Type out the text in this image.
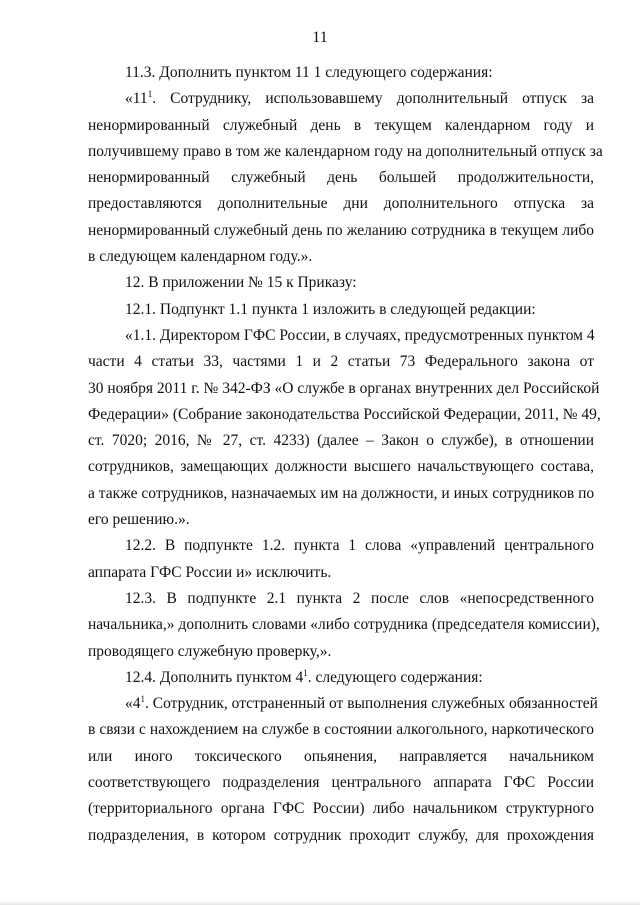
11
11.3. Дополнить пунктом 11 1 следующего содержания:
«$11^1$. Сотруднику, использовавшему дополнительный отпуск за
ненормированный служебный день в текущем календарном году и
получившему право в том же календарном году на дополнительный отпуск за
ненормированный служебный день большей продолжительности,
предоставляются дополнительные дни дополнительного отпуска за
ненормированный служебный день по желанию сотрудника в текущем либо
в следующем календарном году.».
12. В приложении № 15 к Приказу:
12.1. Подпункт 1.1 пункта 1 изложить в следующей редакции:
«1.1. Директором ГФС России, в случаях, предусмотренных пунктом 4
части 4 статьи 33, частями 1 и 2 статьи 73 Федерального закона от
30 ноября 2011 г. № 342-ФЗ «О службе в органах внутренних дел Российской
Федерации» (Собрание законодательства Российской Федерации, 2011, № 49,
ст. 7020; 2016, № 27, ст. 4233) (далее – Закон о службе), в отношении
сотрудников, замещающих должности высшего начальствующего состава,
а также сотрудников, назначаемых им на должности, и иных сотрудников по
его решению.».
12.2. В подпункте 1.2. пункта 1 слова «управлений центрального
аппарата ГФС России и» исключить.
12.3. В подпункте 2.1 пункта 2 после слов «непосредственного
начальника,» дополнить словами «либо сотрудника (председателя комиссии),
проводящего служебную проверку,».
12.4. Дополнить пунктом $4^1$. следующего содержания:
«$4^1$. Сотрудник, отстраненный от выполнения служебных обязанностей
в связи с нахождением на службе в состоянии алкогольного, наркотического
или иного токсического опьянения, направляется начальником
соответствующего подразделения центрального аппарата ГФС России
(территориального органа ГФС России) либо начальником структурного
подразделения, в котором сотрудник проходит службу, для прохождения
